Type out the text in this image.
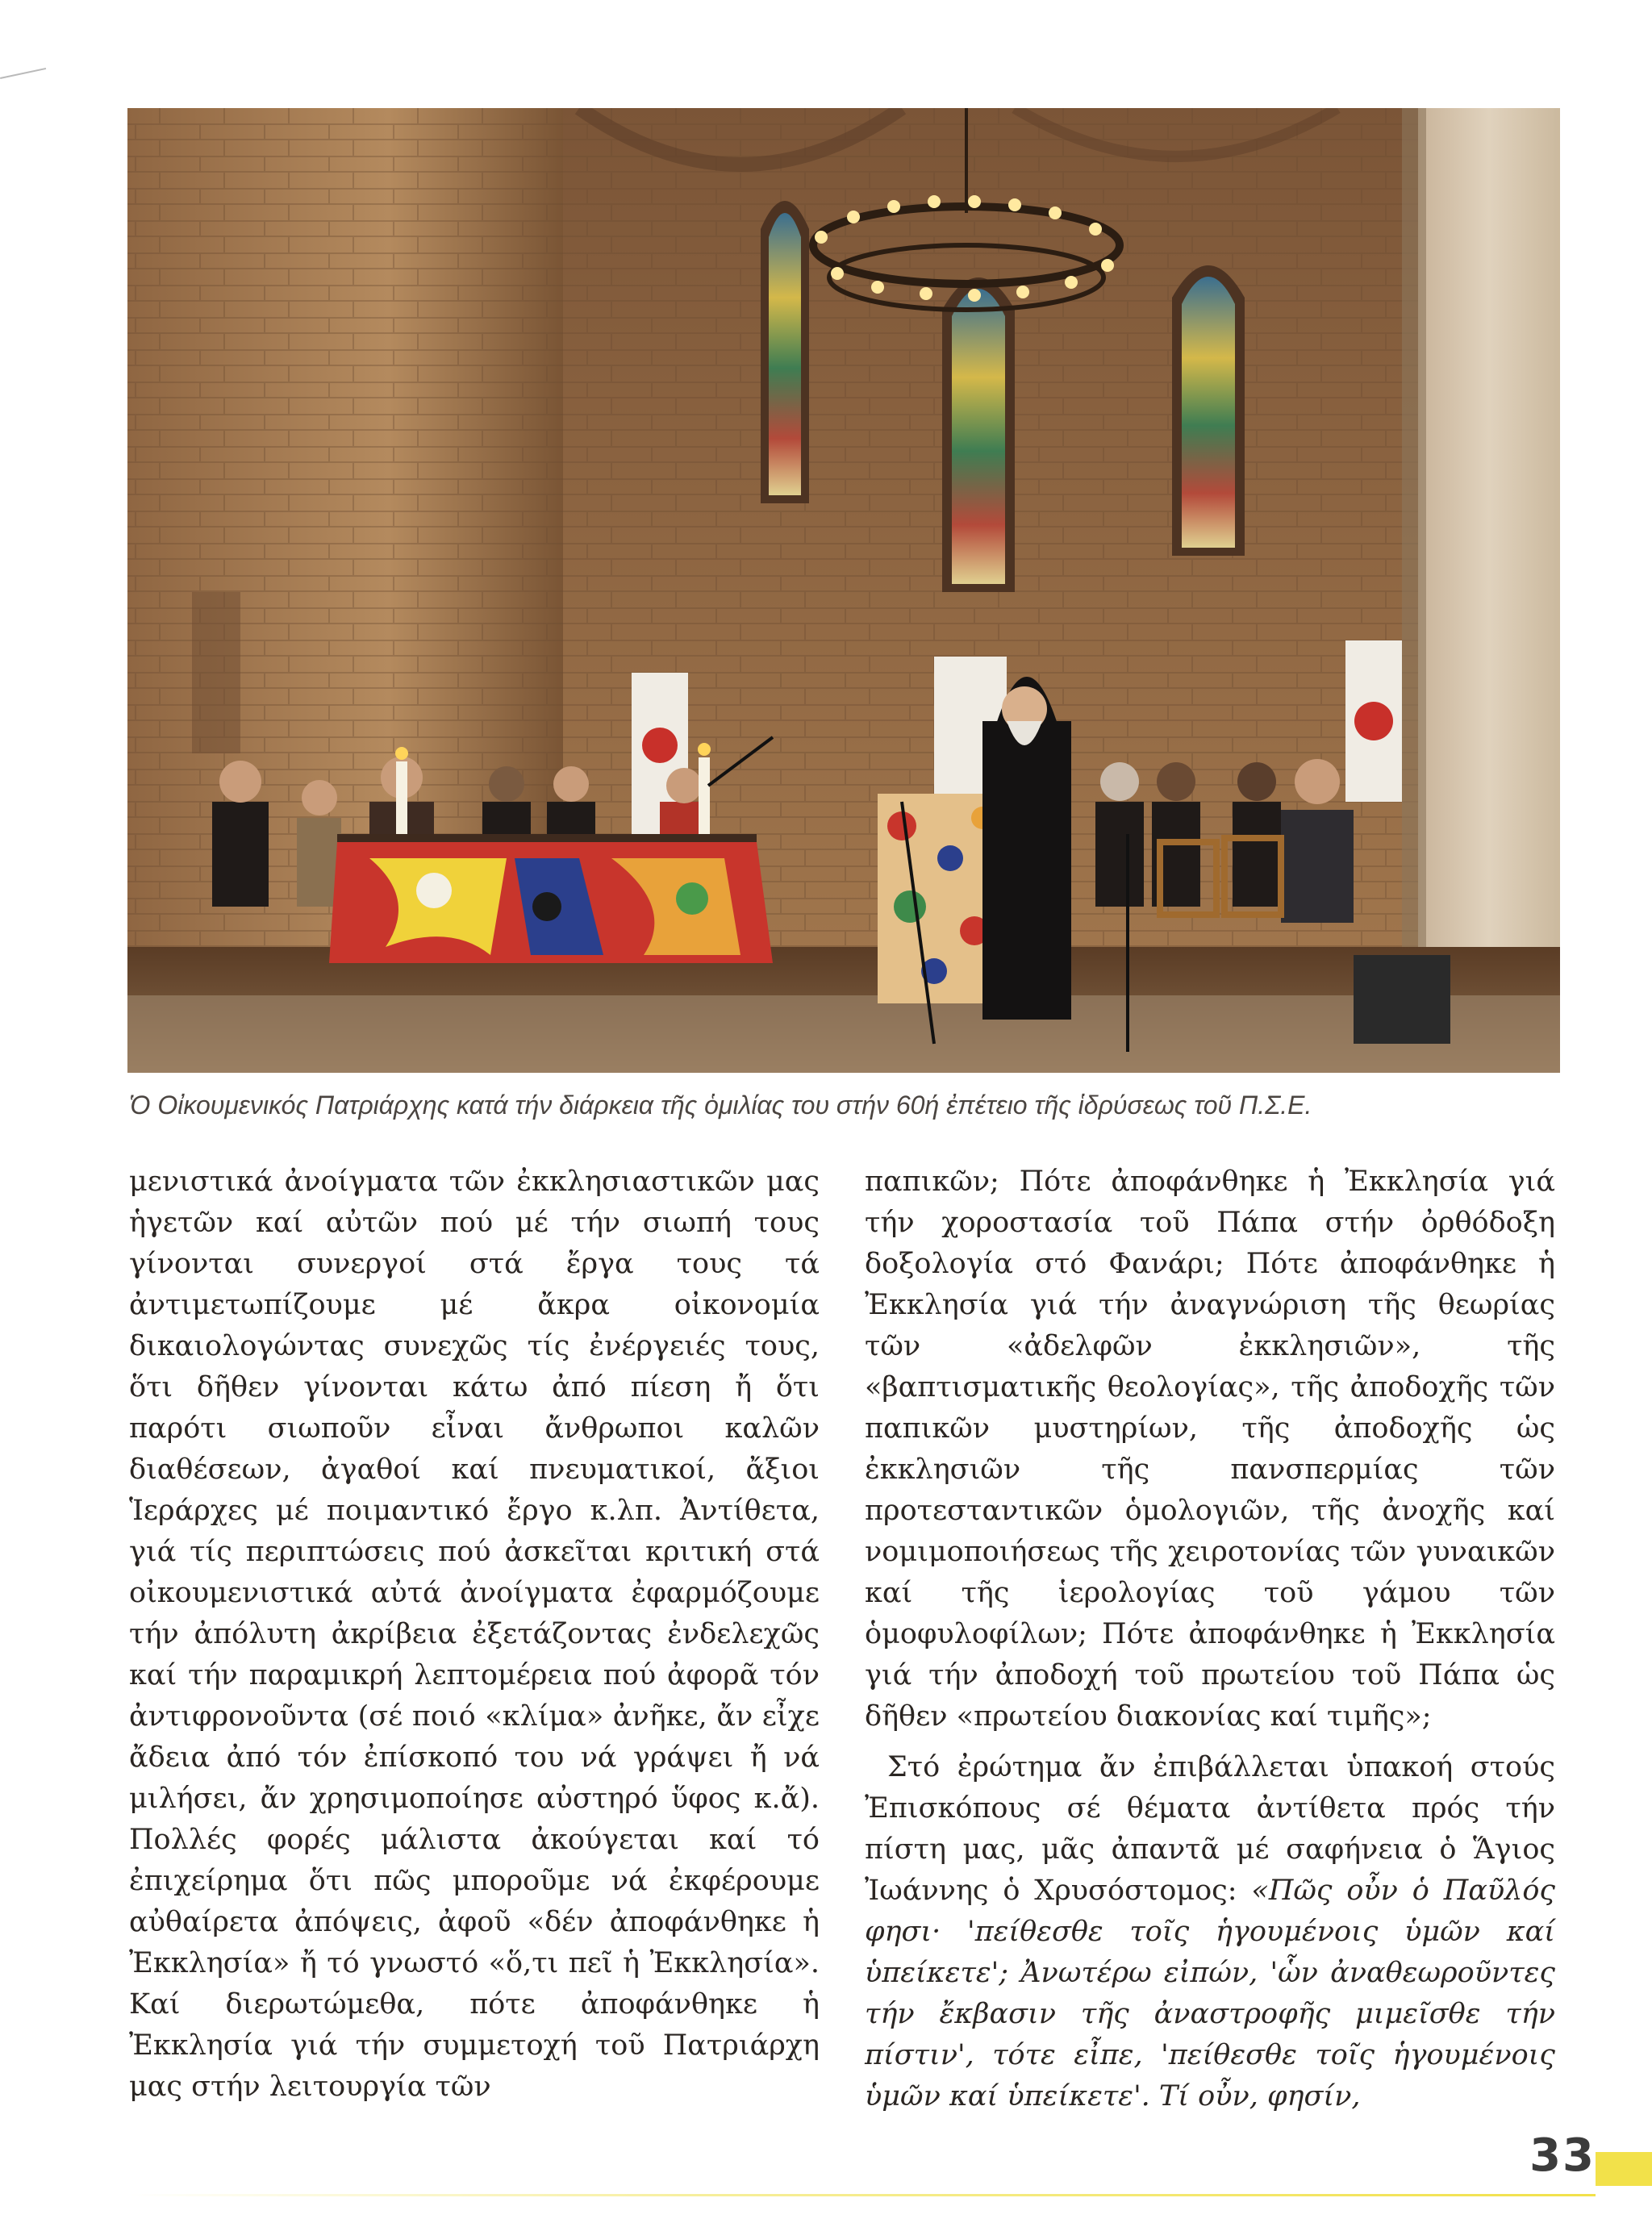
Ὁ Οἰκουμενικός Πατριάρχης κατά τήν διάρκεια τῆς ὁμιλίας του στήν 60ή ἐπέτειο τῆς ἱδρύσεως τοῦ Π.Σ.Ε.

μενιστικά ἀνοίγματα τῶν ἐκκλησιαστικῶν μας ἡγετῶν καί αὐτῶν πού μέ τήν σιωπή τους γίνονται συνεργοί στά ἔργα τους τά ἀντιμετωπίζουμε μέ ἄκρα οἰκονομία δικαιολογώντας συνεχῶς τίς ἐνέργειές τους, ὅτι δῆθεν γίνονται κάτω ἀπό πίεση ἤ ὅτι παρότι σιωποῦν εἶναι ἄνθρωποι καλῶν διαθέσεων, ἀγαθοί καί πνευματικοί, ἄξιοι Ἱεράρχες μέ ποιμαντικό ἔργο κ.λπ. Ἀντίθετα, γιά τίς περιπτώσεις πού ἀσκεῖται κριτική στά οἰκουμενιστικά αὐτά ἀνοίγματα ἐφαρμόζουμε τήν ἀπόλυτη ἀκρίβεια ἐξετάζοντας ἐνδελεχῶς καί τήν παραμικρή λεπτομέρεια πού ἀφορᾶ τόν ἀντιφρονοῦντα (σέ ποιό «κλίμα» ἀνῆκε, ἄν εἶχε ἄδεια ἀπό τόν ἐπίσκοπό του νά γράψει ἤ νά μιλήσει, ἄν χρησιμοποίησε αὐστηρό ὕφος κ.ἄ). Πολλές φορές μάλιστα ἀκούγεται καί τό ἐπιχείρημα ὅτι πῶς μποροῦμε νά ἐκφέρουμε αὐθαίρετα ἀπόψεις, ἀφοῦ «δέν ἀποφάνθηκε ἡ Ἐκκλησία» ἤ τό γνωστό «ὅ,τι πεῖ ἡ Ἐκκλησία». Καί διερωτώμεθα, πότε ἀποφάνθηκε ἡ Ἐκκλησία γιά τήν συμμετοχή τοῦ Πατριάρχη μας στήν λειτουργία τῶν

παπικῶν; Πότε ἀποφάνθηκε ἡ Ἐκκλησία γιά τήν χοροστασία τοῦ Πάπα στήν ὀρθόδοξη δοξολογία στό Φανάρι; Πότε ἀποφάνθηκε ἡ Ἐκκλησία γιά τήν ἀναγνώριση τῆς θεωρίας τῶν «ἀδελφῶν ἐκκλησιῶν», τῆς «βαπτισματικῆς θεολογίας», τῆς ἀποδοχῆς τῶν παπικῶν μυστηρίων, τῆς ἀποδοχῆς ὡς ἐκκλησιῶν τῆς πανσπερμίας τῶν προτεσταντικῶν ὁμολογιῶν, τῆς ἀνοχῆς καί νομιμοποιήσεως τῆς χειροτονίας τῶν γυναικῶν καί τῆς ἱερολογίας τοῦ γάμου τῶν ὁμοφυλοφίλων; Πότε ἀποφάνθηκε ἡ Ἐκκλησία γιά τήν ἀποδοχή τοῦ πρωτείου τοῦ Πάπα ὡς δῆθεν «πρωτείου διακονίας καί τιμῆς»;

Στό ἐρώτημα ἄν ἐπιβάλλεται ὑπακοή στούς Ἐπισκόπους σέ θέματα ἀντίθετα πρός τήν πίστη μας, μᾶς ἀπαντᾶ μέ σαφήνεια ὁ Ἅγιος Ἰωάννης ὁ Χρυσόστομος: «Πῶς οὖν ὁ Παῦλός φησι· 'πείθεσθε τοῖς ἡγουμένοις ὑμῶν καί ὑπείκετε'; Ἀνωτέρω εἰπών, 'ὧν ἀναθεωροῦντες τήν ἔκβασιν τῆς ἀναστροφῆς μιμεῖσθε τήν πίστιν', τότε εἶπε, 'πείθεσθε τοῖς ἡγουμένοις ὑμῶν καί ὑπείκετε'. Τί οὖν, φησίν,

33
